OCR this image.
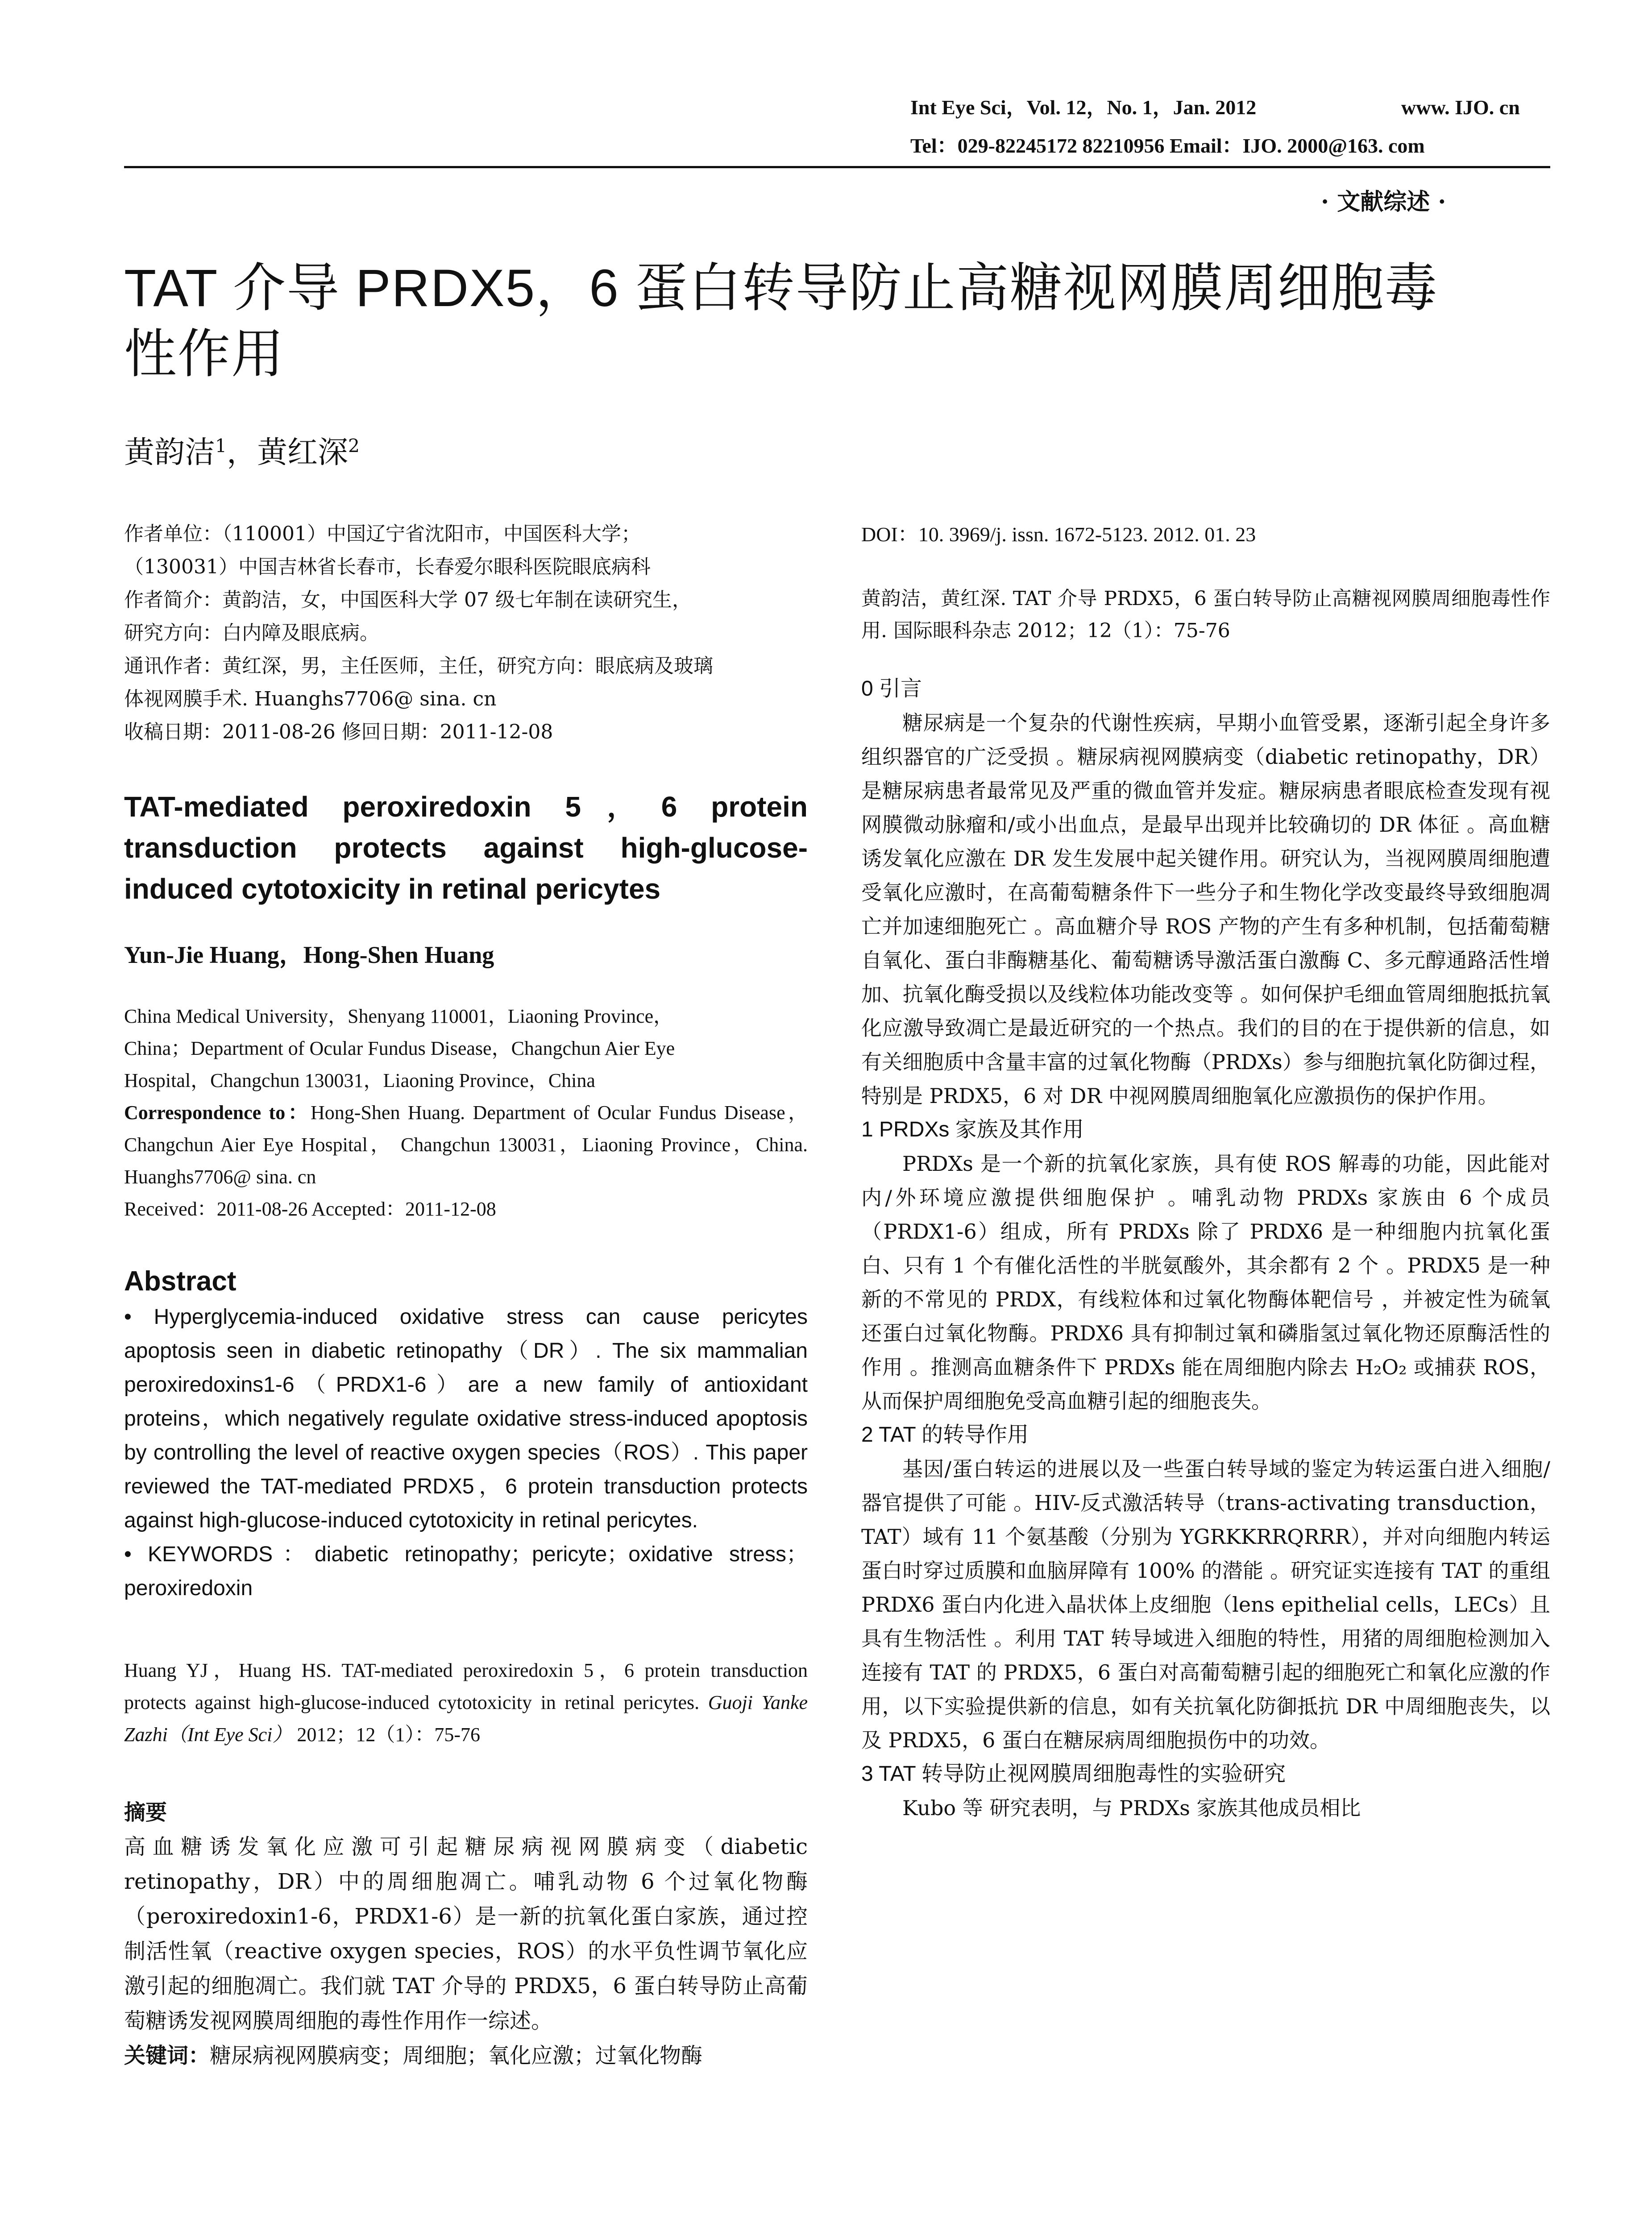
Int Eye Sci，Vol. 12，No. 1，Jan. 2012	www. IJO. cn
Tel：029-82245172 82210956 Email：IJO. 2000@163. com
· 文献综述 ·
TAT 介导 PRDX5，6 蛋白转导防止高糖视网膜周细胞毒
性作用
黄韵洁$^1$，黄红深$^2$

作者单位：（110001）中国辽宁省沈阳市，中国医科大学；

（130031）中国吉林省长春市，长春爱尔眼科医院眼底病科

作者简介：黄韵洁，女，中国医科大学 07 级七年制在读研究生，

研究方向：白内障及眼底病。

通讯作者：黄红深，男，主任医师，主任，研究方向：眼底病及玻璃

体视网膜手术. Huanghs7706@ sina. cn

收稿日期：2011-08-26 修回日期：2011-12-08

TAT-mediated peroxiredoxin 5，6 protein transduction protects against high-glucose-induced cytotoxicity in retinal pericytes
Yun-Jie Huang，Hong-Shen Huang

China Medical University，Shenyang 110001，Liaoning Province，

China；Department of Ocular Fundus Disease，Changchun Aier Eye

Hospital，Changchun 130031，Liaoning Province，China

Correspondence to：Hong-Shen Huang. Department of Ocular Fundus Disease， Changchun Aier Eye Hospital， Changchun 130031，Liaoning Province，China. Huanghs7706@ sina. cn

Received：2011-08-26 Accepted：2011-12-08

Abstract
• Hyperglycemia-induced oxidative stress can cause pericytes apoptosis seen in diabetic retinopathy（DR）. The six mammalian peroxiredoxins1-6（PRDX1-6）are a new family of antioxidant proteins，which negatively regulate oxidative stress-induced apoptosis by controlling the level of reactive oxygen species（ROS）. This paper reviewed the TAT-mediated PRDX5，6 protein transduction protects against high-glucose-induced cytotoxicity in retinal pericytes.
• KEYWORDS：diabetic retinopathy；pericyte；oxidative stress；peroxiredoxin
Huang YJ，Huang HS. TAT-mediated peroxiredoxin 5，6 protein transduction protects against high-glucose-induced cytotoxicity in retinal pericytes. Guoji Yanke Zazhi（Int Eye Sci） 2012；12（1）：75-76
摘要
高血糖诱发氧化应激可引起糖尿病视网膜病变（diabetic retinopathy，DR）中的周细胞凋亡。哺乳动物 6 个过氧化物酶（peroxiredoxin1-6，PRDX1-6）是一新的抗氧化蛋白家族，通过控制活性氧（reactive oxygen species，ROS）的水平负性调节氧化应激引起的细胞凋亡。我们就 TAT 介导的 PRDX5，6 蛋白转导防止高葡萄糖诱发视网膜周细胞的毒性作用作一综述。
关键词：糖尿病视网膜病变；周细胞；氧化应激；过氧化物酶

DOI：10. 3969/j. issn. 1672-5123. 2012. 01. 23

黄韵洁，黄红深. TAT 介导 PRDX5，6 蛋白转导防止高糖视网膜周细胞毒性作用. 国际眼科杂志 2012；12（1）：75-76

0 引言

糖尿病是一个复杂的代谢性疾病，早期小血管受累，逐渐引起全身许多组织器官的广泛受损 。糖尿病视网膜病变（diabetic retinopathy，DR）是糖尿病患者最常见及严重的微血管并发症。糖尿病患者眼底检查发现有视网膜微动脉瘤和/或小出血点，是最早出现并比较确切的 DR 体征 。高血糖诱发氧化应激在 DR 发生发展中起关键作用。研究认为，当视网膜周细胞遭受氧化应激时，在高葡萄糖条件下一些分子和生物化学改变最终导致细胞凋亡并加速细胞死亡 。高血糖介导 ROS 产物的产生有多种机制，包括葡萄糖自氧化、蛋白非酶糖基化、葡萄糖诱导激活蛋白激酶 C、多元醇通路活性增加、抗氧化酶受损以及线粒体功能改变等 。如何保护毛细血管周细胞抵抗氧化应激导致凋亡是最近研究的一个热点。我们的目的在于提供新的信息，如有关细胞质中含量丰富的过氧化物酶（PRDXs）参与细胞抗氧化防御过程，特别是 PRDX5，6 对 DR 中视网膜周细胞氧化应激损伤的保护作用。

1 PRDXs 家族及其作用

PRDXs 是一个新的抗氧化家族，具有使 ROS 解毒的功能，因此能对内/外环境应激提供细胞保护 。哺乳动物 PRDXs 家族由 6 个成员（PRDX1-6）组成，所有 PRDXs 除了 PRDX6 是一种细胞内抗氧化蛋白、只有 1 个有催化活性的半胱氨酸外，其余都有 2 个 。PRDX5 是一种新的不常见的 PRDX，有线粒体和过氧化物酶体靶信号 ，并被定性为硫氧还蛋白过氧化物酶。PRDX6 具有抑制过氧和磷脂氢过氧化物还原酶活性的作用 。推测高血糖条件下 PRDXs 能在周细胞内除去 H₂O₂ 或捕获 ROS，从而保护周细胞免受高血糖引起的细胞丧失。

2 TAT 的转导作用

基因/蛋白转运的进展以及一些蛋白转导域的鉴定为转运蛋白进入细胞/器官提供了可能 。HIV-反式激活转导（trans-activating transduction，TAT）域有 11 个氨基酸（分别为 YGRKKRRQRRR），并对向细胞内转运蛋白时穿过质膜和血脑屏障有 100% 的潜能 。研究证实连接有 TAT 的重组 PRDX6 蛋白内化进入晶状体上皮细胞（lens epithelial cells，LECs）且具有生物活性 。利用 TAT 转导域进入细胞的特性，用猪的周细胞检测加入连接有 TAT 的 PRDX5，6 蛋白对高葡萄糖引起的细胞死亡和氧化应激的作用，以下实验提供新的信息，如有关抗氧化防御抵抗 DR 中周细胞丧失，以及 PRDX5，6 蛋白在糖尿病周细胞损伤中的功效。

3 TAT 转导防止视网膜周细胞毒性的实验研究

Kubo 等 研究表明，与 PRDXs 家族其他成员相比
